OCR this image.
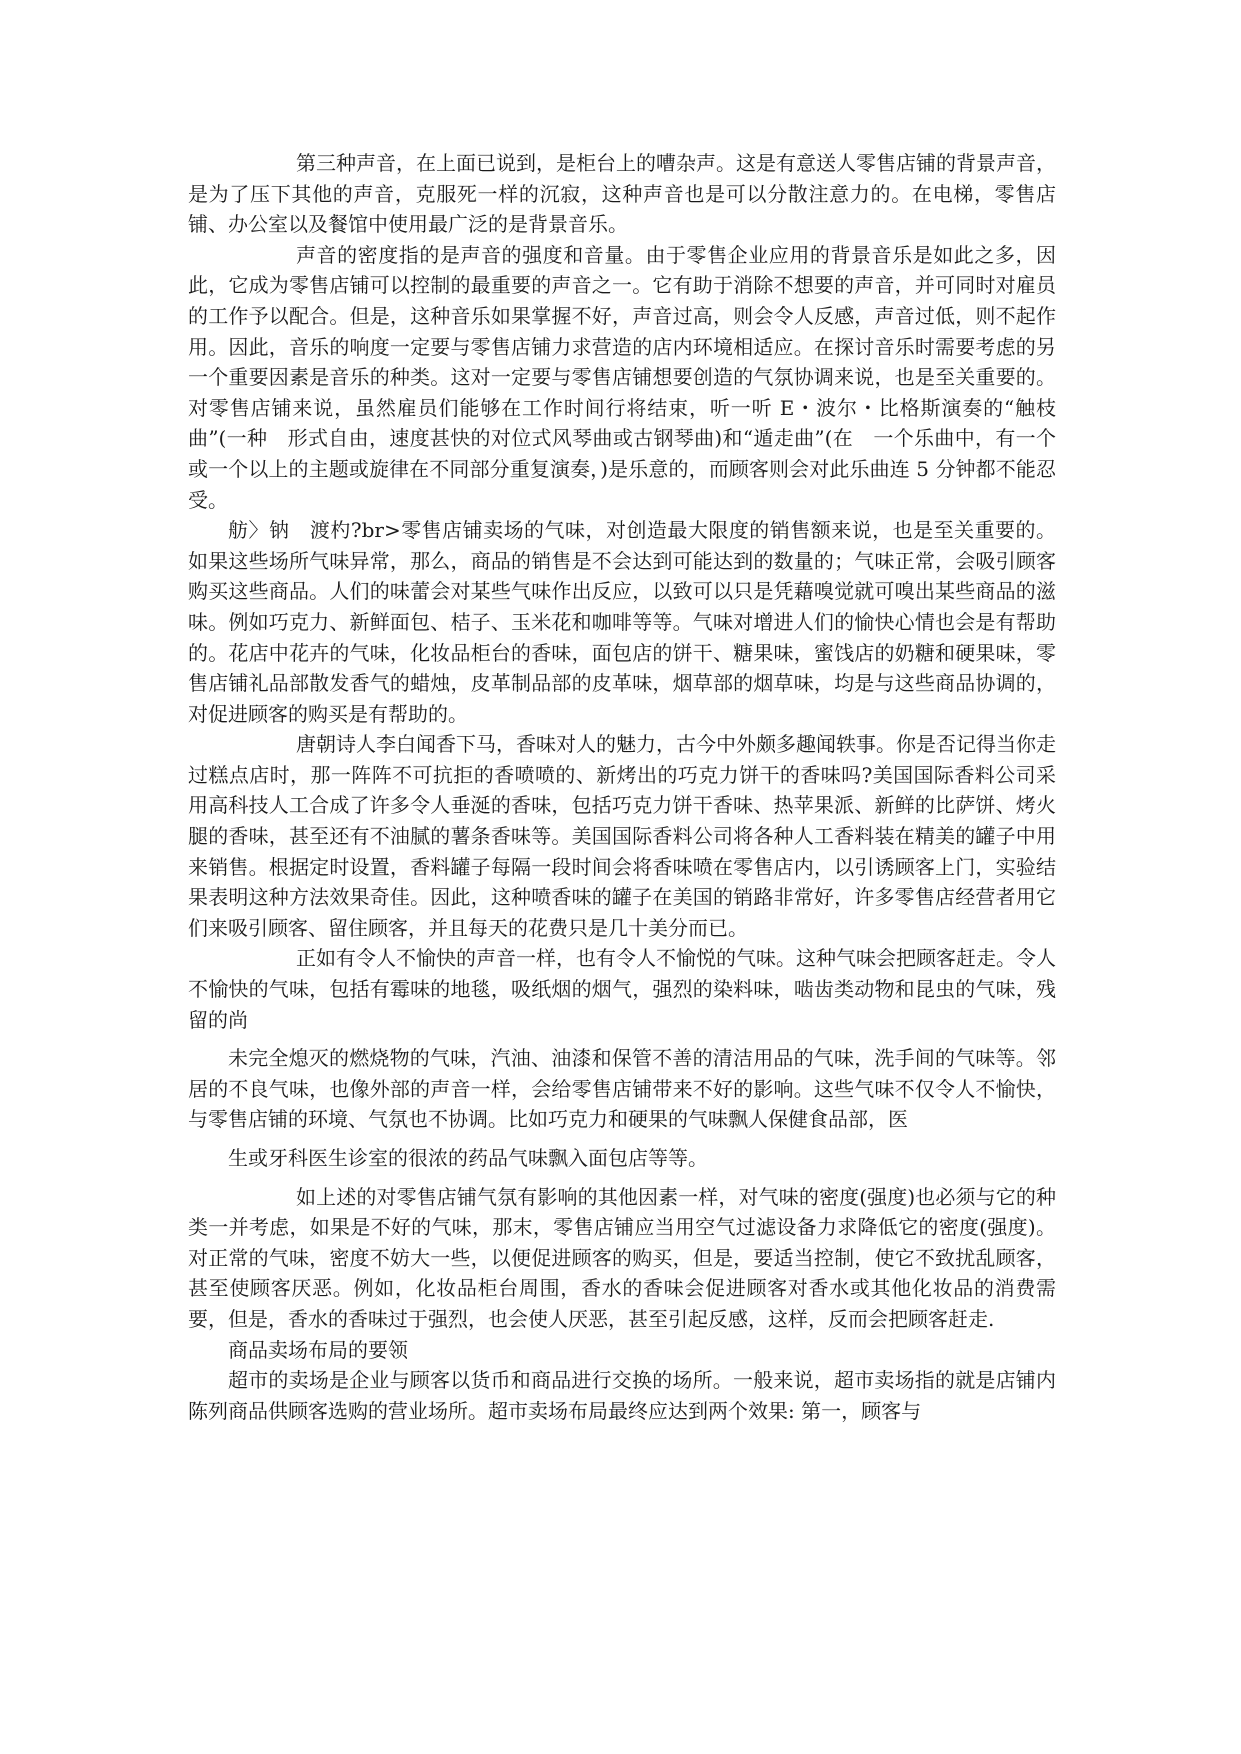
第三种声音，在上面已说到，是柜台上的嘈杂声。这是有意送人零售店铺的背景声音，是为了压下其他的声音，克服死一样的沉寂，这种声音也是可以分散注意力的。在电梯，零售店铺、办公室以及餐馆中使用最广泛的是背景音乐。

声音的密度指的是声音的强度和音量。由于零售企业应用的背景音乐是如此之多，因此，它成为零售店铺可以控制的最重要的声音之一。它有助于消除不想要的声音，并可同时对雇员的工作予以配合。但是，这种音乐如果掌握不好，声音过高，则会令人反感，声音过低，则不起作用。因此，音乐的响度一定要与零售店铺力求营造的店内环境相适应。在探讨音乐时需要考虑的另一个重要因素是音乐的种类。这对一定要与零售店铺想要创造的气氛协调来说，也是至关重要的。对零售店铺来说，虽然雇员们能够在工作时间行将结束，听一听 E・波尔・比格斯演奏的“触枝曲”(一种　形式自由，速度甚快的对位式风琴曲或古钢琴曲)和“遁走曲”(在　一个乐曲中，有一个或一个以上的主题或旋律在不同部分重复演奏，)是乐意的，而顾客则会对此乐曲连 5 分钟都不能忍受。

舫〉钠　渡杓?br>零售店铺卖场的气味，对创造最大限度的销售额来说，也是至关重要的。如果这些场所气味异常，那么，商品的销售是不会达到可能达到的数量的；气味正常，会吸引顾客购买这些商品。人们的味蕾会对某些气味作出反应，以致可以只是凭藉嗅觉就可嗅出某些商品的滋味。例如巧克力、新鲜面包、桔子、玉米花和咖啡等等。气味对增进人们的愉快心情也会是有帮助的。花店中花卉的气味，化妆品柜台的香味，面包店的饼干、糖果味，蜜饯店的奶糖和硬果味，零售店铺礼品部散发香气的蜡烛，皮革制品部的皮革味，烟草部的烟草味，均是与这些商品协调的，对促进顾客的购买是有帮助的。

唐朝诗人李白闻香下马，香味对人的魅力，古今中外颇多趣闻轶事。你是否记得当你走过糕点店时，那一阵阵不可抗拒的香喷喷的、新烤出的巧克力饼干的香味吗?美国国际香料公司采用高科技人工合成了许多令人垂涎的香味，包括巧克力饼干香味、热苹果派、新鲜的比萨饼、烤火腿的香味，甚至还有不油腻的薯条香味等。美国国际香料公司将各种人工香料装在精美的罐子中用来销售。根据定时设置，香料罐子每隔一段时间会将香味喷在零售店内，以引诱顾客上门，实验结果表明这种方法效果奇佳。因此，这种喷香味的罐子在美国的销路非常好，许多零售店经营者用它们来吸引顾客、留住顾客，并且每天的花费只是几十美分而已。

正如有令人不愉快的声音一样，也有令人不愉悦的气味。这种气味会把顾客赶走。令人不愉快的气味，包括有霉味的地毯，吸纸烟的烟气，强烈的染料味，啮齿类动物和昆虫的气味，残留的尚

未完全熄灭的燃烧物的气味，汽油、油漆和保管不善的清洁用品的气味，洗手间的气味等。邻居的不良气味，也像外部的声音一样，会给零售店铺带来不好的影响。这些气味不仅令人不愉快，与零售店铺的环境、气氛也不协调。比如巧克力和硬果的气味飘人保健食品部，医

生或牙科医生诊室的很浓的药品气味飘入面包店等等。

如上述的对零售店铺气氛有影响的其他因素一样，对气味的密度(强度)也必须与它的种类一并考虑，如果是不好的气味，那末，零售店铺应当用空气过滤设备力求降低它的密度(强度)。对正常的气味，密度不妨大一些，以便促进顾客的购买，但是，要适当控制，使它不致扰乱顾客，甚至使顾客厌恶。例如，化妆品柜台周围，香水的香味会促进顾客对香水或其他化妆品的消费需要，但是，香水的香味过于强烈，也会使人厌恶，甚至引起反感，这样，反而会把顾客赶走.

商品卖场布局的要领

超市的卖场是企业与顾客以货币和商品进行交换的场所。一般来说，超市卖场指的就是店铺内陈列商品供顾客选购的营业场所。超市卖场布局最终应达到两个效果: 第一，顾客与
